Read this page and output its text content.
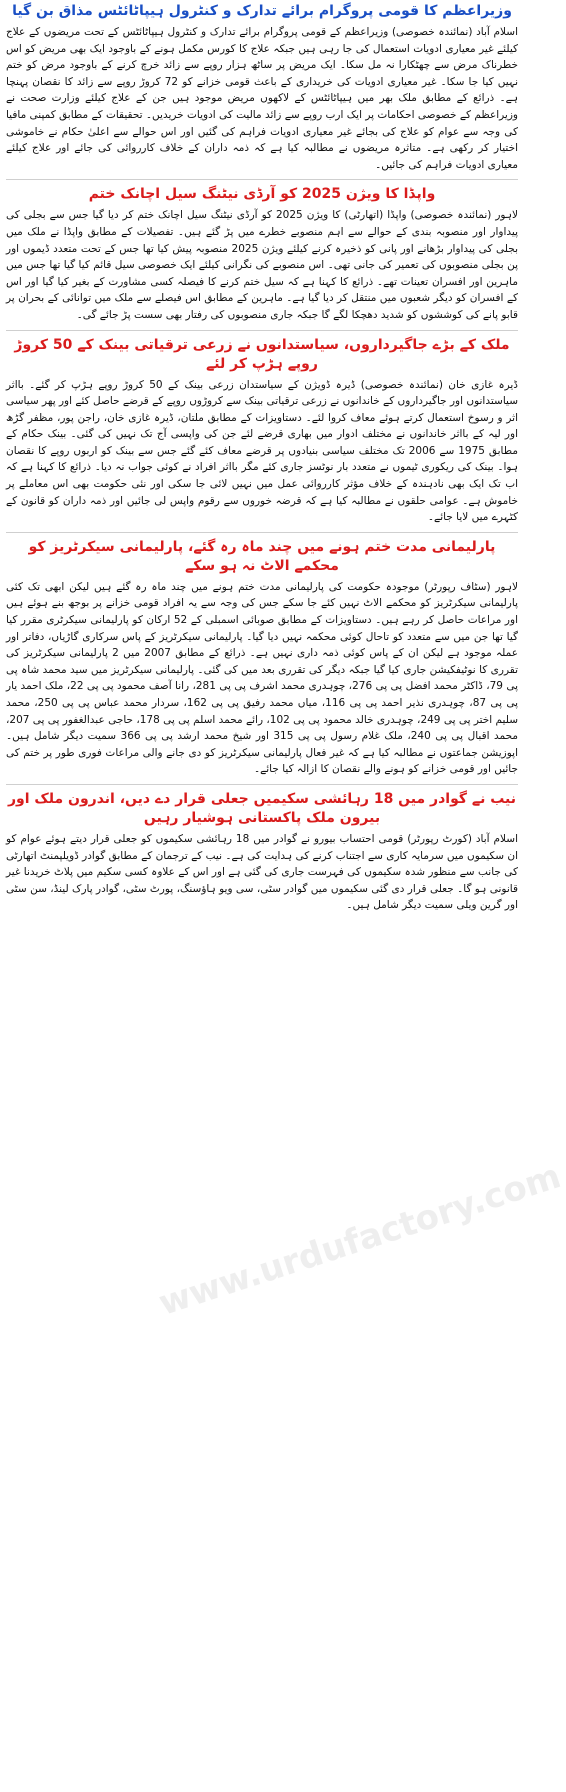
وزیراعظم کا قومی پروگرام برائے تدارک و کنٹرول ہیپاٹائٹس مذاق بن گیا

اسلام آباد (نمائندہ خصوصی) وزیراعظم کے قومی پروگرام برائے تدارک و کنٹرول ہیپاٹائٹس کے تحت مریضوں کے علاج کیلئے غیر معیاری ادویات استعمال کی جا رہی ہیں جبکہ علاج کا کورس مکمل ہونے کے باوجود ایک بھی مریض کو اس خطرناک مرض سے چھٹکارا نہ مل سکا۔ ایک مریض پر ساٹھ ہزار روپے سے زائد خرچ کرنے کے باوجود مرض کو ختم نہیں کیا جا سکا۔ غیر معیاری ادویات کی خریداری کے باعث قومی خزانے کو 72 کروڑ روپے سے زائد کا نقصان پہنچا ہے۔ ذرائع کے مطابق ملک بھر میں ہیپاٹائٹس کے لاکھوں مریض موجود ہیں جن کے علاج کیلئے وزارت صحت نے وزیراعظم کے خصوصی احکامات پر ایک ارب روپے سے زائد مالیت کی ادویات خریدیں۔ تحقیقات کے مطابق کمپنی مافیا کی وجہ سے عوام کو علاج کی بجائے غیر معیاری ادویات فراہم کی گئیں اور اس حوالے سے اعلیٰ حکام نے خاموشی اختیار کر رکھی ہے۔ متاثرہ مریضوں نے مطالبہ کیا ہے کہ ذمہ داران کے خلاف کارروائی کی جائے اور علاج کیلئے معیاری ادویات فراہم کی جائیں۔

واپڈا کا ویژن 2025 کو آرڈی نیٹنگ سیل اچانک ختم

لاہور (نمائندہ خصوصی) واپڈا (اتھارٹی) کا ویژن 2025 کو آرڈی نیٹنگ سیل اچانک ختم کر دیا گیا جس سے بجلی کی پیداوار اور منصوبہ بندی کے حوالے سے اہم منصوبے خطرے میں پڑ گئے ہیں۔ تفصیلات کے مطابق واپڈا نے ملک میں بجلی کی پیداوار بڑھانے اور پانی کو ذخیرہ کرنے کیلئے ویژن 2025 منصوبہ پیش کیا تھا جس کے تحت متعدد ڈیموں اور پن بجلی منصوبوں کی تعمیر کی جانی تھی۔ اس منصوبے کی نگرانی کیلئے ایک خصوصی سیل قائم کیا گیا تھا جس میں ماہرین اور افسران تعینات تھے۔ ذرائع کا کہنا ہے کہ سیل ختم کرنے کا فیصلہ کسی مشاورت کے بغیر کیا گیا اور اس کے افسران کو دیگر شعبوں میں منتقل کر دیا گیا ہے۔ ماہرین کے مطابق اس فیصلے سے ملک میں توانائی کے بحران پر قابو پانے کی کوششوں کو شدید دھچکا لگے گا جبکہ جاری منصوبوں کی رفتار بھی سست پڑ جائے گی۔

ملک کے بڑے جاگیرداروں، سیاستدانوں نے زرعی ترقیاتی بینک کے 50 کروڑ روپے ہڑپ کر لئے

ڈیرہ غازی خان (نمائندہ خصوصی) ڈیرہ ڈویژن کے سیاستدان زرعی بینک کے 50 کروڑ روپے ہڑپ کر گئے۔ بااثر سیاستدانوں اور جاگیرداروں کے خاندانوں نے زرعی ترقیاتی بینک سے کروڑوں روپے کے قرضے حاصل کئے اور پھر سیاسی اثر و رسوخ استعمال کرتے ہوئے معاف کروا لئے۔ دستاویزات کے مطابق ملتان، ڈیرہ غازی خان، راجن پور، مظفر گڑھ اور لیہ کے بااثر خاندانوں نے مختلف ادوار میں بھاری قرضے لئے جن کی واپسی آج تک نہیں کی گئی۔ بینک حکام کے مطابق 1975 سے 2006 تک مختلف سیاسی بنیادوں پر قرضے معاف کئے گئے جس سے بینک کو اربوں روپے کا نقصان ہوا۔ بینک کی ریکوری ٹیموں نے متعدد بار نوٹسز جاری کئے مگر بااثر افراد نے کوئی جواب نہ دیا۔ ذرائع کا کہنا ہے کہ اب تک ایک بھی نادہندہ کے خلاف مؤثر کارروائی عمل میں نہیں لائی جا سکی اور نئی حکومت بھی اس معاملے پر خاموش ہے۔ عوامی حلقوں نے مطالبہ کیا ہے کہ قرضہ خوروں سے رقوم واپس لی جائیں اور ذمہ داران کو قانون کے کٹہرے میں لایا جائے۔

پارلیمانی مدت ختم ہونے میں چند ماہ رہ گئے، پارلیمانی سیکرٹریز کو محکمے الاٹ نہ ہو سکے

لاہور (سٹاف رپورٹر) موجودہ حکومت کی پارلیمانی مدت ختم ہونے میں چند ماہ رہ گئے ہیں لیکن ابھی تک کئی پارلیمانی سیکرٹریز کو محکمے الاٹ نہیں کئے جا سکے جس کی وجہ سے یہ افراد قومی خزانے پر بوجھ بنے ہوئے ہیں اور مراعات حاصل کر رہے ہیں۔ دستاویزات کے مطابق صوبائی اسمبلی کے 52 ارکان کو پارلیمانی سیکرٹری مقرر کیا گیا تھا جن میں سے متعدد کو تاحال کوئی محکمہ نہیں دیا گیا۔ پارلیمانی سیکرٹریز کے پاس سرکاری گاڑیاں، دفاتر اور عملہ موجود ہے لیکن ان کے پاس کوئی ذمہ داری نہیں ہے۔ ذرائع کے مطابق 2007 میں 2 پارلیمانی سیکرٹریز کی تقرری کا نوٹیفکیشن جاری کیا گیا جبکہ دیگر کی تقرری بعد میں کی گئی۔ پارلیمانی سیکرٹریز میں سید محمد شاہ پی پی 79، ڈاکٹر محمد افضل پی پی 276، چوہدری محمد اشرف پی پی 281، رانا آصف محمود پی پی 22، ملک احمد یار پی پی 87، چوہدری نذیر احمد پی پی 116، میاں محمد رفیق پی پی 162، سردار محمد عباس پی پی 250، محمد سلیم اختر پی پی 249، چوہدری خالد محمود پی پی 102، رائے محمد اسلم پی پی 178، حاجی عبدالغفور پی پی 207، محمد اقبال پی پی 240، ملک غلام رسول پی پی 315 اور شیخ محمد ارشد پی پی 366 سمیت دیگر شامل ہیں۔ اپوزیشن جماعتوں نے مطالبہ کیا ہے کہ غیر فعال پارلیمانی سیکرٹریز کو دی جانے والی مراعات فوری طور پر ختم کی جائیں اور قومی خزانے کو ہونے والے نقصان کا ازالہ کیا جائے۔

نیب نے گوادر میں 18 رہائشی سکیمیں جعلی قرار دے دیں، اندرون ملک اور بیرون ملک پاکستانی ہوشیار رہیں

اسلام آباد (کورٹ رپورٹر) قومی احتساب بیورو نے گوادر میں 18 رہائشی سکیموں کو جعلی قرار دیتے ہوئے عوام کو ان سکیموں میں سرمایہ کاری سے اجتناب کرنے کی ہدایت کی ہے۔ نیب کے ترجمان کے مطابق گوادر ڈویلپمنٹ اتھارٹی کی جانب سے منظور شدہ سکیموں کی فہرست جاری کی گئی ہے اور اس کے علاوہ کسی سکیم میں پلاٹ خریدنا غیر قانونی ہو گا۔ جعلی قرار دی گئی سکیموں میں گوادر سٹی، سی ویو ہاؤسنگ، پورٹ سٹی، گوادر پارک لینڈ، سن سٹی اور گرین ویلی سمیت دیگر شامل ہیں۔

www.urdufactory.com
